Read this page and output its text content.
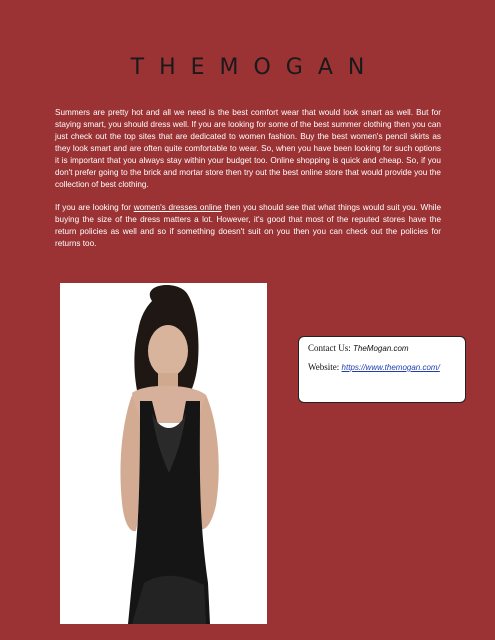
THEMOGAN

Summers are pretty hot and all we need is the best comfort wear that would look smart as well. But for staying smart, you should dress well. If you are looking for some of the best summer clothing then you can just check out the top sites that are dedicated to women fashion. Buy the best women's pencil skirts as they look smart and are often quite comfortable to wear. So, when you have been looking for such options it is important that you always stay within your budget too. Online shopping is quick and cheap. So, if you don't prefer going to the brick and mortar store then try out the best online store that would provide you the collection of best clothing.

If you are looking for women's dresses online then you should see that what things would suit you. While buying the size of the dress matters a lot. However, it's good that most of the reputed stores have the return policies as well and so if something doesn't suit on you then you can check out the policies for returns too.

Contact Us: TheMogan.com
Website: https://www.themogan.com/
